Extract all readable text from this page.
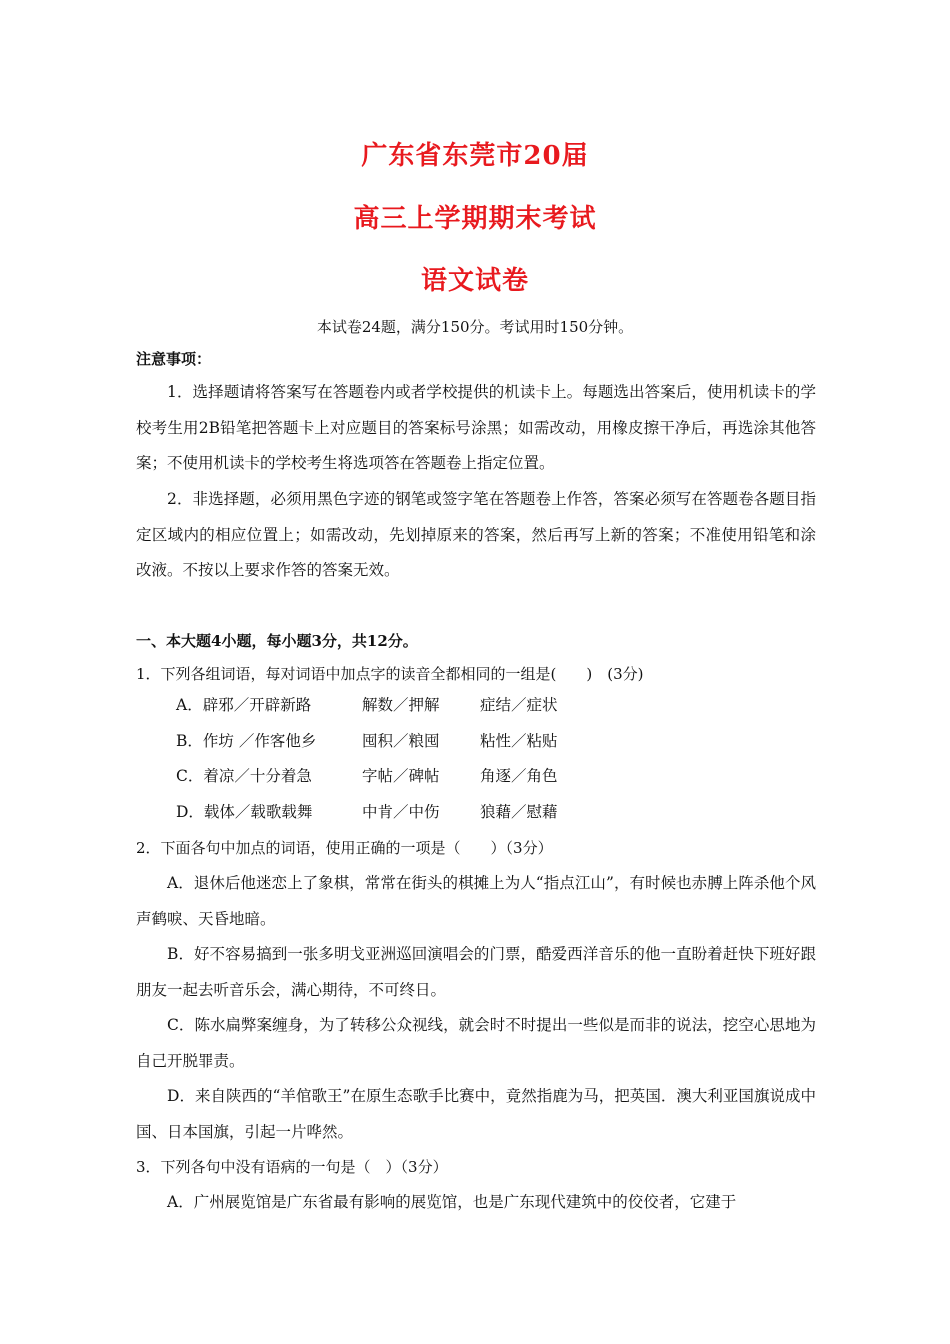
广东省东莞市20届
高三上学期期末考试
语文试卷
本试卷24题，满分150分。考试用时150分钟。
注意事项：

1．选择题请将答案写在答题卷内或者学校提供的机读卡上。每题选出答案后，使用机读卡的学校考生用2B铅笔把答题卡上对应题目的答案标号涂黑；如需改动，用橡皮擦干净后，再选涂其他答案；不使用机读卡的学校考生将选项答在答题卷上指定位置。

2．非选择题，必须用黑色字迹的钢笔或签字笔在答题卷上作答，答案必须写在答题卷各题目指定区域内的相应位置上；如需改动，先划掉原来的答案，然后再写上新的答案；不准使用铅笔和涂改液。不按以上要求作答的答案无效。

一、本大题4小题，每小题3分，共12分。

1．下列各组词语，每对词语中加点字的读音全都相同的一组是(　　)　(3分)

A．辟邪／开辟新路	解数／押解	症结／症状
B．作坊 ／作客他乡	囤积／粮囤	粘性／粘贴
C．着凉／十分着急	字帖／碑帖	角逐／角色
D．载体／载歌载舞	中肯／中伤	狼藉／慰藉

2．下面各句中加点的词语，使用正确的一项是（　　）（3分）

A．退休后他迷恋上了象棋，常常在街头的棋摊上为人“指点江山”，有时候也赤膊上阵杀他个风声鹤唳、天昏地暗。

B．好不容易搞到一张多明戈亚洲巡回演唱会的门票，酷爱西洋音乐的他一直盼着赶快下班好跟朋友一起去听音乐会，满心期待，不可终日。

C．陈水扁弊案缠身，为了转移公众视线，就会时不时提出一些似是而非的说法，挖空心思地为自己开脱罪责。

D．来自陕西的“羊倌歌王”在原生态歌手比赛中，竟然指鹿为马，把英国．澳大利亚国旗说成中国、日本国旗，引起一片哗然。

3．下列各句中没有语病的一句是（　）（3分）

A．广州展览馆是广东省最有影响的展览馆，也是广东现代建筑中的佼佼者，它建于
